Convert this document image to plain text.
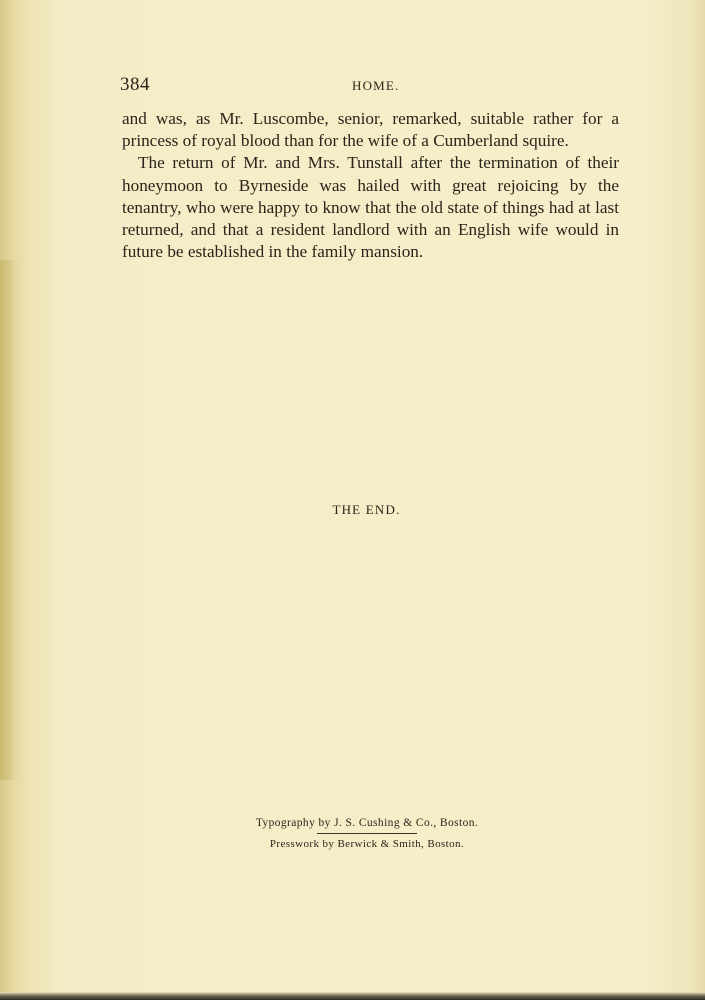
384	HOME.

and was, as Mr. Luscombe, senior, remarked, suitable rather for a princess of royal blood than for the wife of a Cumberland squire.

The return of Mr. and Mrs. Tunstall after the termination of their honeymoon to Byrneside was hailed with great rejoicing by the tenantry, who were happy to know that the old state of things had at last returned, and that a resident landlord with an English wife would in future be established in the family mansion.

THE END.
Typography by J. S. Cushing & Co., Boston.
Presswork by Berwick & Smith, Boston.
